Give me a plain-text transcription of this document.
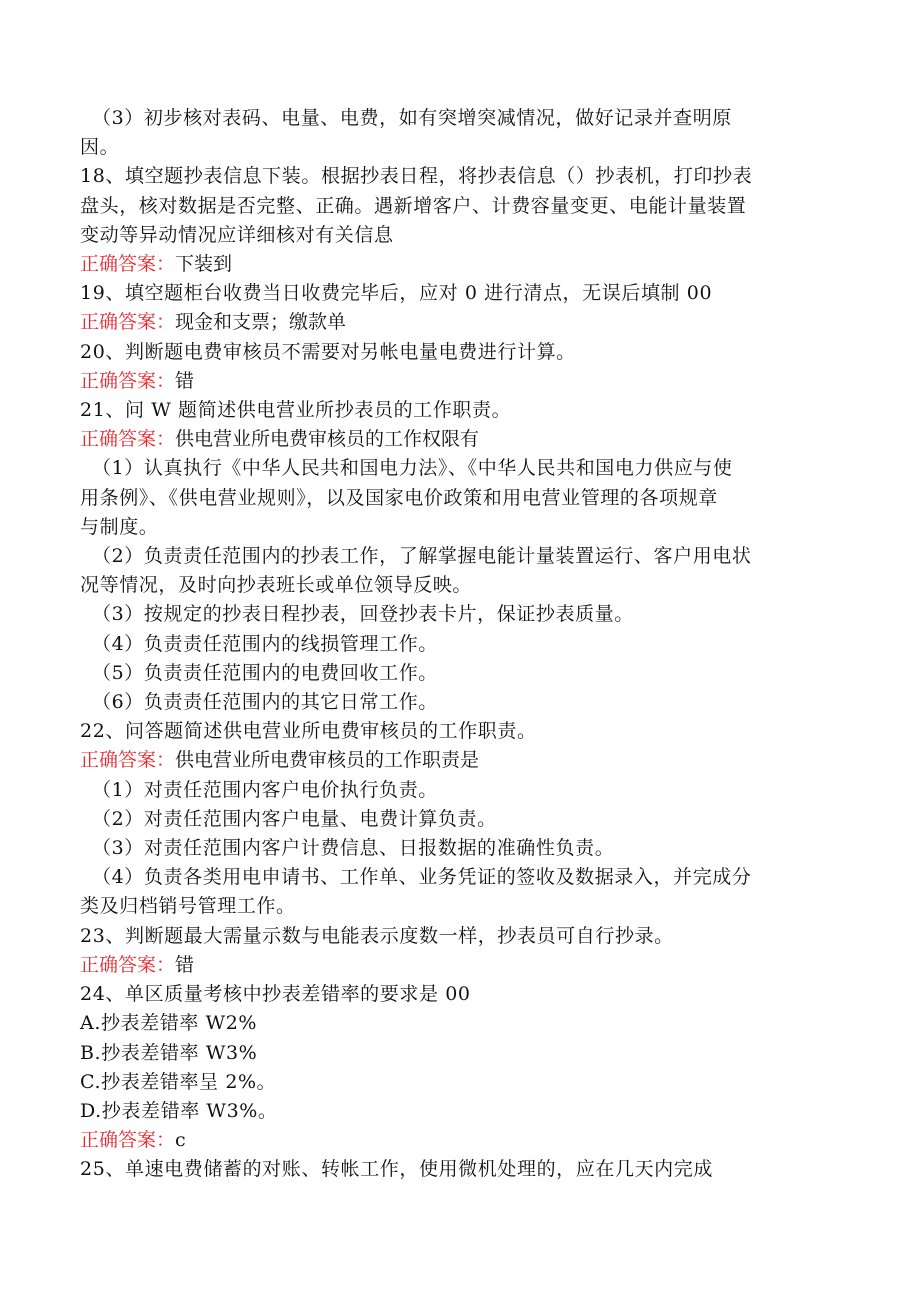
（3）初步核对表码、电量、电费，如有突增突减情况，做好记录并查明原
因。
18、填空题抄表信息下装。根据抄表日程，将抄表信息（）抄表机，打印抄表
盘头，核对数据是否完整、正确。遇新增客户、计费容量变更、电能计量装置
变动等异动情况应详细核对有关信息
正确答案：下装到
19、填空题柜台收费当日收费完毕后，应对 0 进行清点，无误后填制 00
正确答案：现金和支票；缴款单
20、判断题电费审核员不需要对另帐电量电费进行计算。
正确答案：错
21、问 W 题简述供电营业所抄表员的工作职责。
正确答案：供电营业所电费审核员的工作权限有
（1）认真执行《中华人民共和国电力法》、《中华人民共和国电力供应与使
用条例》、《供电营业规则》，以及国家电价政策和用电营业管理的各项规章
与制度。
（2）负责责任范围内的抄表工作，了解掌握电能计量装置运行、客户用电状
况等情况，及时向抄表班长或单位领导反映。
（3）按规定的抄表日程抄表，回登抄表卡片，保证抄表质量。
（4）负责责任范围内的线损管理工作。
（5）负责责任范围内的电费回收工作。
（6）负责责任范围内的其它日常工作。
22、问答题简述供电营业所电费审核员的工作职责。
正确答案：供电营业所电费审核员的工作职责是
（1）对责任范围内客户电价执行负责。
（2）对责任范围内客户电量、电费计算负责。
（3）对责任范围内客户计费信息、日报数据的准确性负责。
（4）负责各类用电申请书、工作单、业务凭证的签收及数据录入，并完成分
类及归档销号管理工作。
23、判断题最大需量示数与电能表示度数一样，抄表员可自行抄录。
正确答案：错
24、单区质量考核中抄表差错率的要求是 00
A.抄表差错率 W2%
B.抄表差错率 W3%
C.抄表差错率呈 2%。
D.抄表差错率 W3%。
正确答案：c
25、单速电费储蓄的对账、转帐工作，使用微机处理的，应在几天内完成
